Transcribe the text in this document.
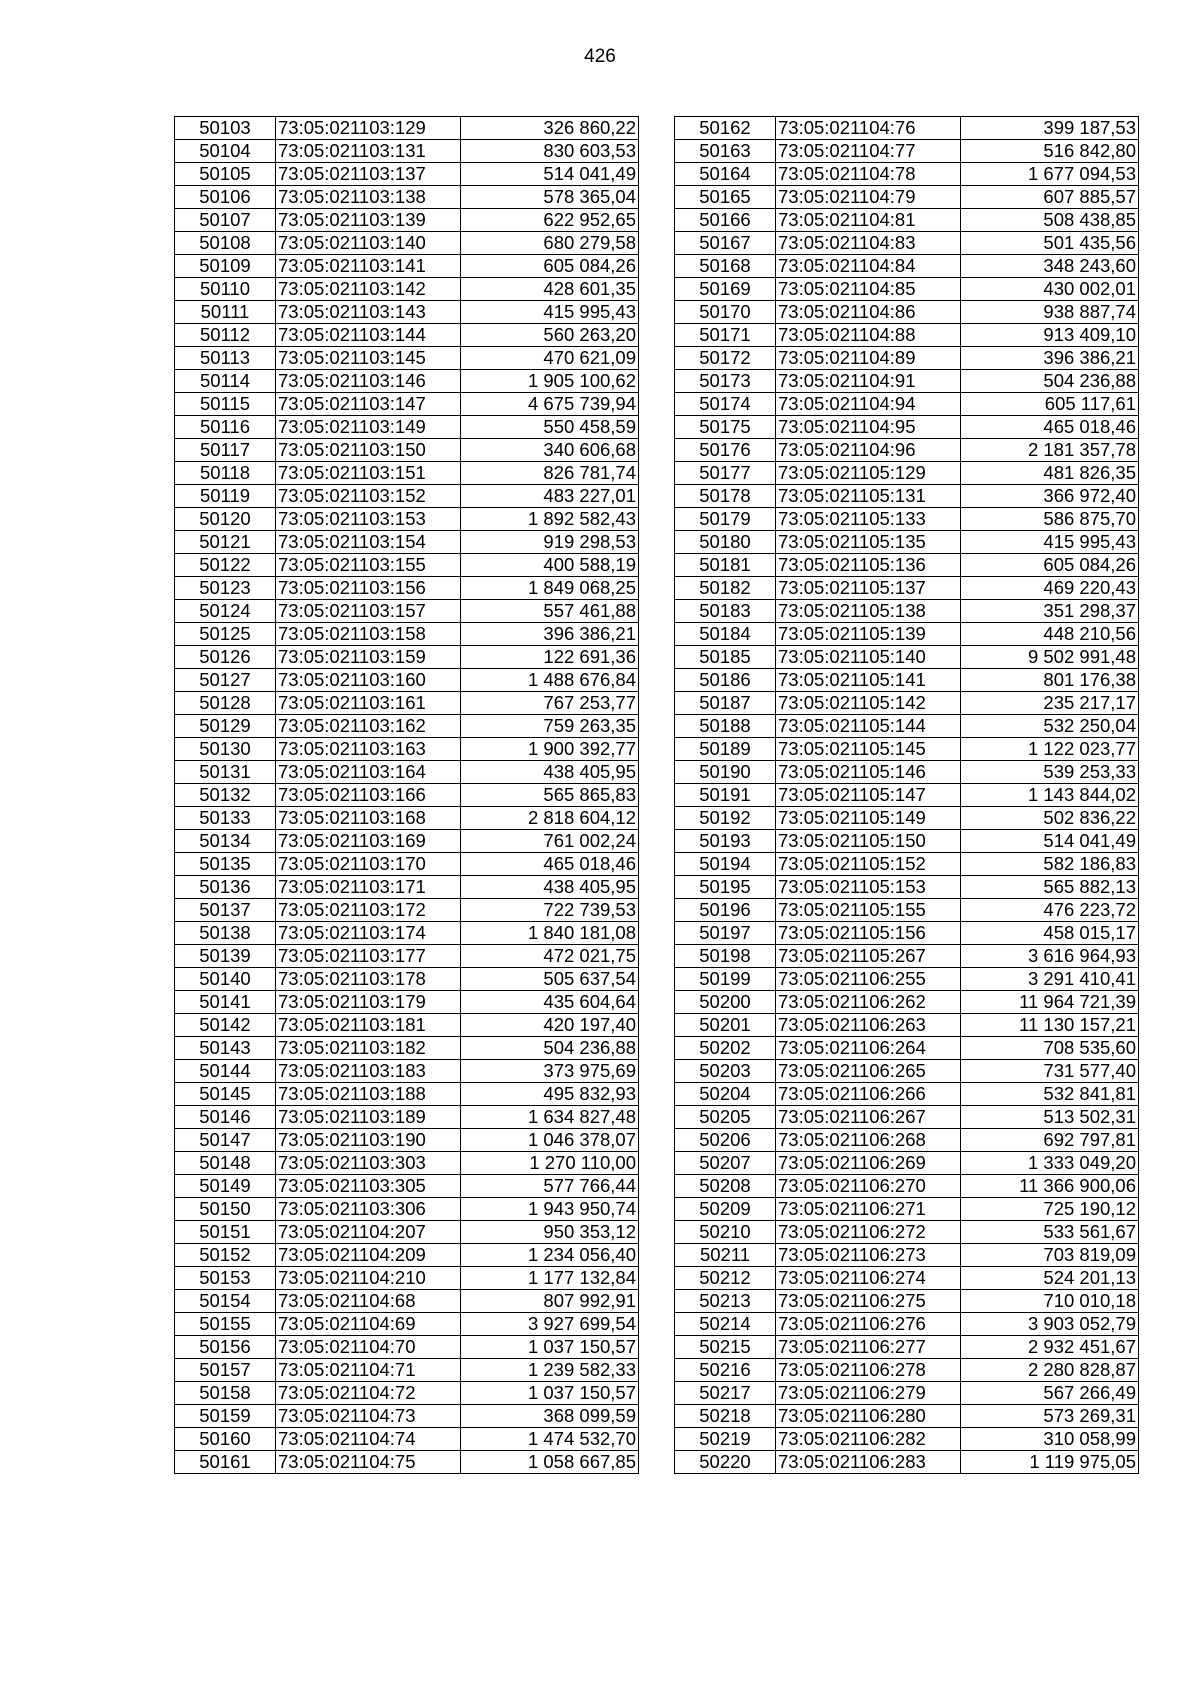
426
50103	73:05:021103:129	326 860,22
50104	73:05:021103:131	830 603,53
50105	73:05:021103:137	514 041,49
50106	73:05:021103:138	578 365,04
50107	73:05:021103:139	622 952,65
50108	73:05:021103:140	680 279,58
50109	73:05:021103:141	605 084,26
50110	73:05:021103:142	428 601,35
50111	73:05:021103:143	415 995,43
50112	73:05:021103:144	560 263,20
50113	73:05:021103:145	470 621,09
50114	73:05:021103:146	1 905 100,62
50115	73:05:021103:147	4 675 739,94
50116	73:05:021103:149	550 458,59
50117	73:05:021103:150	340 606,68
50118	73:05:021103:151	826 781,74
50119	73:05:021103:152	483 227,01
50120	73:05:021103:153	1 892 582,43
50121	73:05:021103:154	919 298,53
50122	73:05:021103:155	400 588,19
50123	73:05:021103:156	1 849 068,25
50124	73:05:021103:157	557 461,88
50125	73:05:021103:158	396 386,21
50126	73:05:021103:159	122 691,36
50127	73:05:021103:160	1 488 676,84
50128	73:05:021103:161	767 253,77
50129	73:05:021103:162	759 263,35
50130	73:05:021103:163	1 900 392,77
50131	73:05:021103:164	438 405,95
50132	73:05:021103:166	565 865,83
50133	73:05:021103:168	2 818 604,12
50134	73:05:021103:169	761 002,24
50135	73:05:021103:170	465 018,46
50136	73:05:021103:171	438 405,95
50137	73:05:021103:172	722 739,53
50138	73:05:021103:174	1 840 181,08
50139	73:05:021103:177	472 021,75
50140	73:05:021103:178	505 637,54
50141	73:05:021103:179	435 604,64
50142	73:05:021103:181	420 197,40
50143	73:05:021103:182	504 236,88
50144	73:05:021103:183	373 975,69
50145	73:05:021103:188	495 832,93
50146	73:05:021103:189	1 634 827,48
50147	73:05:021103:190	1 046 378,07
50148	73:05:021103:303	1 270 110,00
50149	73:05:021103:305	577 766,44
50150	73:05:021103:306	1 943 950,74
50151	73:05:021104:207	950 353,12
50152	73:05:021104:209	1 234 056,40
50153	73:05:021104:210	1 177 132,84
50154	73:05:021104:68	807 992,91
50155	73:05:021104:69	3 927 699,54
50156	73:05:021104:70	1 037 150,57
50157	73:05:021104:71	1 239 582,33
50158	73:05:021104:72	1 037 150,57
50159	73:05:021104:73	368 099,59
50160	73:05:021104:74	1 474 532,70
50161	73:05:021104:75	1 058 667,85
50162	73:05:021104:76	399 187,53
50163	73:05:021104:77	516 842,80
50164	73:05:021104:78	1 677 094,53
50165	73:05:021104:79	607 885,57
50166	73:05:021104:81	508 438,85
50167	73:05:021104:83	501 435,56
50168	73:05:021104:84	348 243,60
50169	73:05:021104:85	430 002,01
50170	73:05:021104:86	938 887,74
50171	73:05:021104:88	913 409,10
50172	73:05:021104:89	396 386,21
50173	73:05:021104:91	504 236,88
50174	73:05:021104:94	605 117,61
50175	73:05:021104:95	465 018,46
50176	73:05:021104:96	2 181 357,78
50177	73:05:021105:129	481 826,35
50178	73:05:021105:131	366 972,40
50179	73:05:021105:133	586 875,70
50180	73:05:021105:135	415 995,43
50181	73:05:021105:136	605 084,26
50182	73:05:021105:137	469 220,43
50183	73:05:021105:138	351 298,37
50184	73:05:021105:139	448 210,56
50185	73:05:021105:140	9 502 991,48
50186	73:05:021105:141	801 176,38
50187	73:05:021105:142	235 217,17
50188	73:05:021105:144	532 250,04
50189	73:05:021105:145	1 122 023,77
50190	73:05:021105:146	539 253,33
50191	73:05:021105:147	1 143 844,02
50192	73:05:021105:149	502 836,22
50193	73:05:021105:150	514 041,49
50194	73:05:021105:152	582 186,83
50195	73:05:021105:153	565 882,13
50196	73:05:021105:155	476 223,72
50197	73:05:021105:156	458 015,17
50198	73:05:021105:267	3 616 964,93
50199	73:05:021106:255	3 291 410,41
50200	73:05:021106:262	11 964 721,39
50201	73:05:021106:263	11 130 157,21
50202	73:05:021106:264	708 535,60
50203	73:05:021106:265	731 577,40
50204	73:05:021106:266	532 841,81
50205	73:05:021106:267	513 502,31
50206	73:05:021106:268	692 797,81
50207	73:05:021106:269	1 333 049,20
50208	73:05:021106:270	11 366 900,06
50209	73:05:021106:271	725 190,12
50210	73:05:021106:272	533 561,67
50211	73:05:021106:273	703 819,09
50212	73:05:021106:274	524 201,13
50213	73:05:021106:275	710 010,18
50214	73:05:021106:276	3 903 052,79
50215	73:05:021106:277	2 932 451,67
50216	73:05:021106:278	2 280 828,87
50217	73:05:021106:279	567 266,49
50218	73:05:021106:280	573 269,31
50219	73:05:021106:282	310 058,99
50220	73:05:021106:283	1 119 975,05
